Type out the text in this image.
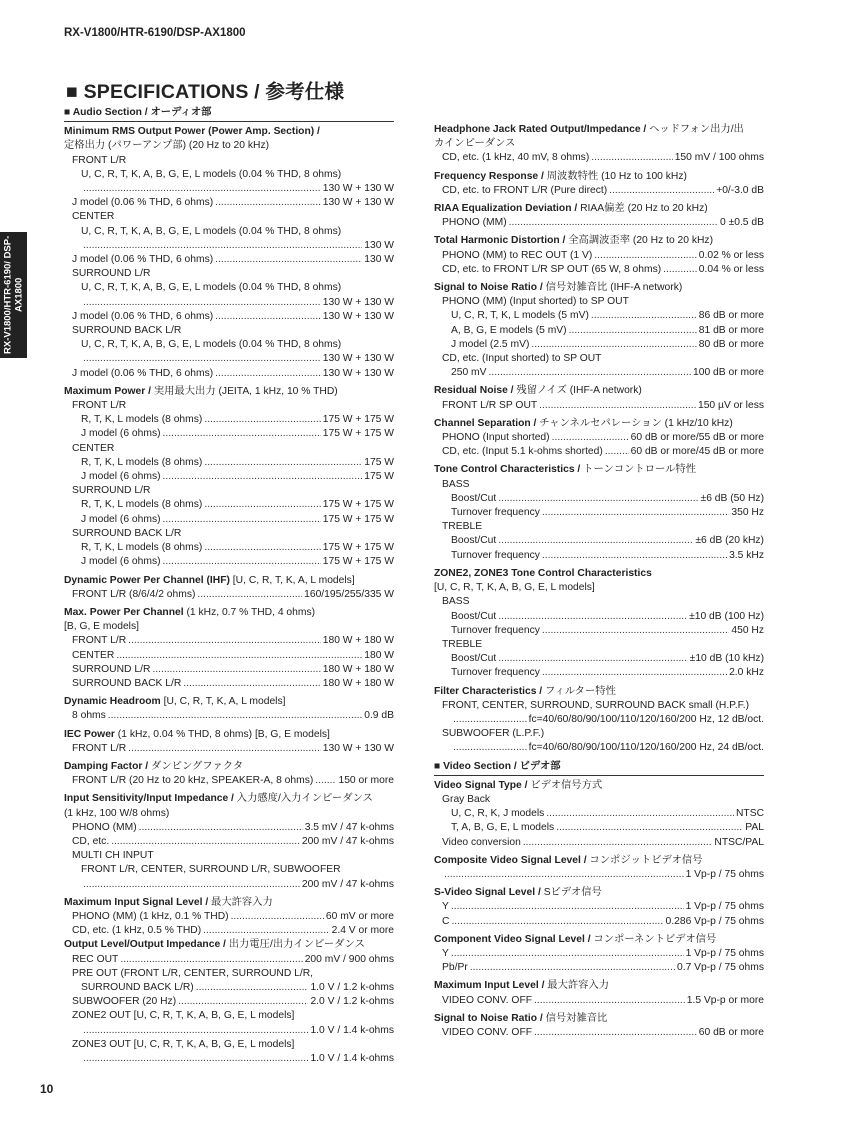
RX-V1800/HTR-6190/DSP-AX1800
■ SPECIFICATIONS / 参考仕様
RX-V1800/HTR-6190/ DSP-AX1800
■ Audio Section / オーディオ部
Minimum RMS Output Power (Power Amp. Section) /
定格出力 (パワーアンプ部) (20 Hz to 20 kHz)
FRONT L/R
U, C, R, T, K, A, B, G, E, L models (0.04 % THD, 8 ohms)
.....
130 W + 130 W
J model (0.06 % THD, 6 ohms) .....	130 W + 130 W
CENTER
U, C, R, T, K, A, B, G, E, L models (0.04 % THD, 8 ohms)
.....
130 W
J model (0.06 % THD, 6 ohms) .....	130 W
SURROUND L/R
U, C, R, T, K, A, B, G, E, L models (0.04 % THD, 8 ohms)
.....
130 W + 130 W
J model (0.06 % THD, 6 ohms) .....	130 W + 130 W
SURROUND BACK L/R
U, C, R, T, K, A, B, G, E, L models (0.04 % THD, 8 ohms)
.....
130 W + 130 W
J model (0.06 % THD, 6 ohms) .....	130 W + 130 W
Maximum Power / 実用最大出力 (JEITA, 1 kHz, 10 % THD)
FRONT L/R
R, T, K, L models (8 ohms) .....	175 W + 175 W
J model (6 ohms) .....	175 W + 175 W
CENTER
R, T, K, L models (8 ohms) .....	175 W
J model (6 ohms) .....	175 W
SURROUND L/R
R, T, K, L models (8 ohms) .....	175 W + 175 W
J model (6 ohms) .....	175 W + 175 W
SURROUND BACK L/R
R, T, K, L models (8 ohms) .....	175 W + 175 W
J model (6 ohms) .....	175 W + 175 W
Dynamic Power Per Channel (IHF) [U, C, R, T, K, A, L models]
FRONT L/R (8/6/4/2 ohms) .....	160/195/255/335 W
Max. Power Per Channel (1 kHz, 0.7 % THD, 4 ohms)
[B, G, E models]
FRONT L/R .....	180 W + 180 W
CENTER .....	180 W
SURROUND L/R .....	180 W + 180 W
SURROUND BACK L/R .....	180 W + 180 W
Dynamic Headroom [U, C, R, T, K, A, L models]
8 ohms .....	0.9 dB
IEC Power (1 kHz, 0.04 % THD, 8 ohms) [B, G, E models]
FRONT L/R .....	130 W + 130 W
Damping Factor / ダンピングファクタ
FRONT L/R (20 Hz to 20 kHz, SPEAKER-A, 8 ohms) ..... 150 or more
Input Sensitivity/Input Impedance / 入力感度/入力インピーダンス
(1 kHz, 100 W/8 ohms)
PHONO (MM) .....	3.5 mV / 47 k-ohms
CD, etc. .....	200 mV / 47 k-ohms
MULTI CH INPUT
FRONT L/R, CENTER, SURROUND L/R, SUBWOOFER
.....
200 mV / 47 k-ohms
Maximum Input Signal Level / 最大許容入力
PHONO (MM) (1 kHz, 0.1 % THD) .....	60 mV or more
CD, etc. (1 kHz, 0.5 % THD) .....	2.4 V or more
Output Level/Output Impedance / 出力電圧/出力インピーダンス
REC OUT .....	200 mV / 900 ohms
PRE OUT (FRONT L/R, CENTER, SURROUND L/R,
SURROUND BACK L/R) .....	1.0 V / 1.2 k-ohms
SUBWOOFER (20 Hz) .....	2.0 V / 1.2 k-ohms
ZONE2 OUT [U, C, R, T, K, A, B, G, E, L models]
.....
1.0 V / 1.4 k-ohms
ZONE3 OUT [U, C, R, T, K, A, B, G, E, L models]
.....
1.0 V / 1.4 k-ohms
Headphone Jack Rated Output/Impedance / ヘッドフォン出力/出
カインピーダンス
CD, etc. (1 kHz, 40 mV, 8 ohms) .....	150 mV / 100 ohms
Frequency Response / 周波数特性 (10 Hz to 100 kHz)
CD, etc. to FRONT L/R (Pure direct) .....	+0/-3.0 dB
RIAA Equalization Deviation / RIAA偏差 (20 Hz to 20 kHz)
PHONO (MM) .....	0 ±0.5 dB
Total Harmonic Distortion / 全高調波歪率 (20 Hz to 20 kHz)
PHONO (MM) to REC OUT (1 V) .....	0.02 % or less
CD, etc. to FRONT L/R SP OUT (65 W, 8 ohms) .....	0.04 % or less
Signal to Noise Ratio / 信号対雑音比 (IHF-A network)
PHONO (MM) (Input shorted) to SP OUT
U, C, R, T, K, L models (5 mV) .....	86 dB or more
A, B, G, E models (5 mV) .....	81 dB or more
J model (2.5 mV) .....	80 dB or more
CD, etc. (Input shorted) to SP OUT
250 mV .....	100 dB or more
Residual Noise / 残留ノイズ (IHF-A network)
FRONT L/R SP OUT .....	150 µV or less
Channel Separation / チャンネルセパレーション (1 kHz/10 kHz)
PHONO (Input shorted) .....	60 dB or more/55 dB or more
CD, etc. (Input 5.1 k-ohms shorted) .....	60 dB or more/45 dB or more
Tone Control Characteristics / トーンコントロール特性
BASS
Boost/Cut .....	±6 dB (50 Hz)
Turnover frequency .....	350 Hz
TREBLE
Boost/Cut .....	±6 dB (20 kHz)
Turnover frequency .....	3.5 kHz
ZONE2, ZONE3 Tone Control Characteristics
[U, C, R, T, K, A, B, G, E, L models]
BASS
Boost/Cut .....	±10 dB (100 Hz)
Turnover frequency .....	450 Hz
TREBLE
Boost/Cut .....	±10 dB (10 kHz)
Turnover frequency .....	2.0 kHz
Filter Characteristics / フィルター特性
FRONT, CENTER, SURROUND, SURROUND BACK small (H.P.F.)
.....
fc=40/60/80/90/100/110/120/160/200 Hz, 12 dB/oct.
SUBWOOFER (L.P.F.)
.....
fc=40/60/80/90/100/110/120/160/200 Hz, 24 dB/oct.
■ Video Section / ビデオ部
Video Signal Type / ビデオ信号方式
Gray Back
U, C, R, K, J models .....	NTSC
T, A, B, G, E, L models .....	PAL
Video conversion .....	NTSC/PAL
Composite Video Signal Level / コンポジットビデオ信号
.....
1 Vp-p / 75 ohms
S-Video Signal Level / Sビデオ信号
Y .....	1 Vp-p / 75 ohms
C .....	0.286 Vp-p / 75 ohms
Component Video Signal Level / コンポーネントビデオ信号
Y .....	1 Vp-p / 75 ohms
Pb/Pr .....	0.7 Vp-p / 75 ohms
Maximum Input Level / 最大許容入力
VIDEO CONV. OFF .....	1.5 Vp-p or more
Signal to Noise Ratio / 信号対雑音比
VIDEO CONV. OFF .....	60 dB or more
10
